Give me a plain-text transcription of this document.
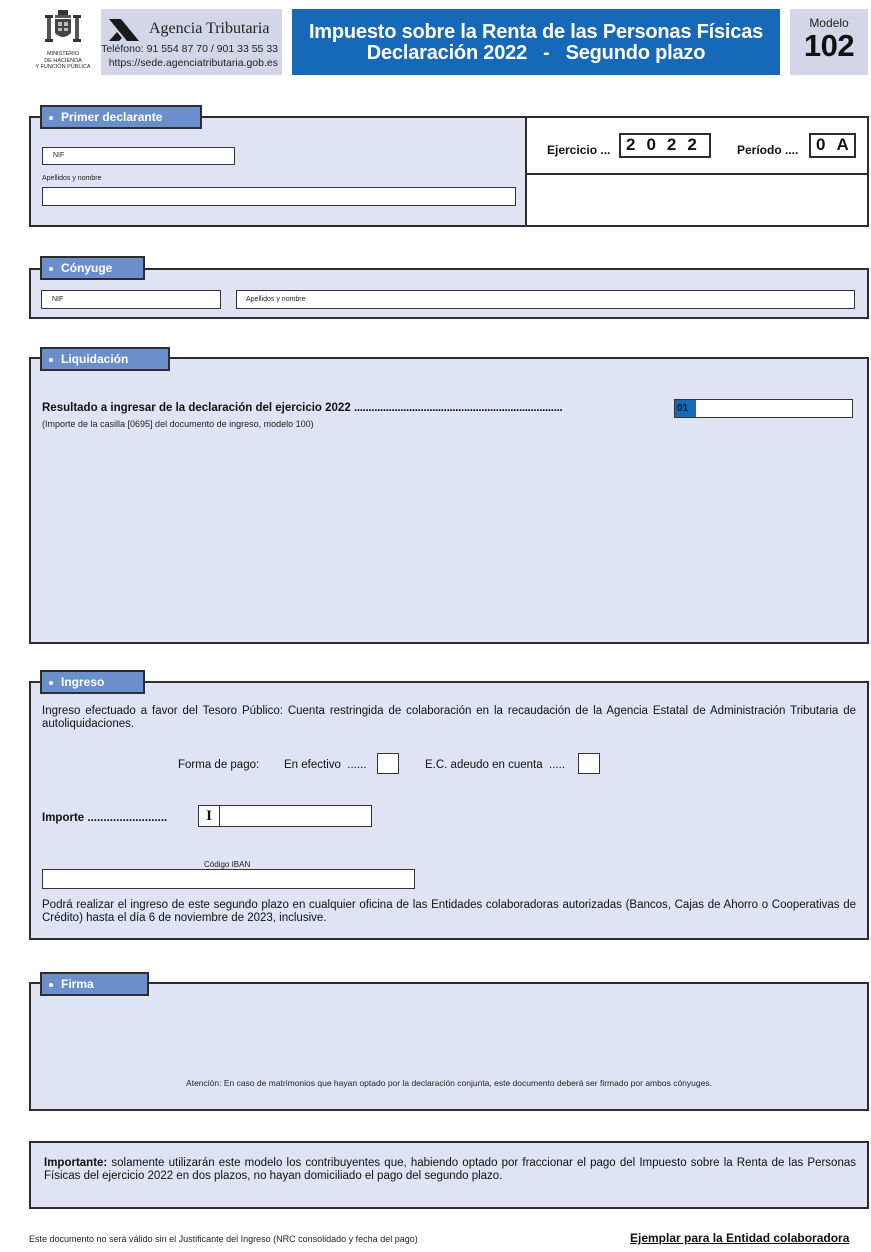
MINISTERIO
DE HACIENDA
Y FUNCIÓN PÚBLICA
Agencia Tributaria
Teléfono: 91 554 87 70 / 901 33 55 33
https://sede.agenciatributaria.gob.es
Impuesto sobre la Renta de las Personas Físicas
Declaración 2022   -   Segundo plazo
Modelo
102
NIF
Apellidos y nombre
Ejercicio ... 2022 Período ....	0A
Primer declarante
NIF	Apellidos y nombre
Cónyuge
Resultado a ingresar de la declaración del ejercicio 2022 ........................................................................
(Importe de la casilla [0695] del documento de ingreso, modelo 100)
01
Liquidación
Ingreso efectuado a favor del Tesoro Público: Cuenta restringida de colaboración en la recaudación de la Agencia Estatal de Administración Tributaria de autoliquidaciones.
Forma de pago: En efectivo  ......	E.C. adeudo en cuenta  .....
Importe .........................	I
Código IBAN
Podrá realizar el ingreso de este segundo plazo en cualquier oficina de las Entidades colaboradoras autorizadas (Bancos, Cajas de Ahorro o Cooperativas de Crédito) hasta el día 6 de noviembre de 2023, inclusive.
Ingreso
Atención: En caso de matrimonios que hayan optado por la declaración conjunta, este documento deberá ser firmado por ambos cónyuges.
Firma
Importante: solamente utilizarán este modelo los contribuyentes que, habiendo optado por fraccionar el pago del Impuesto sobre la Renta de las Personas Físicas del ejercicio 2022 en dos plazos, no hayan domiciliado el pago del segundo plazo.
Este documento no será válido sin el Justificante del Ingreso (NRC consolidado y fecha del pago)	Ejemplar para la Entidad colaboradora
